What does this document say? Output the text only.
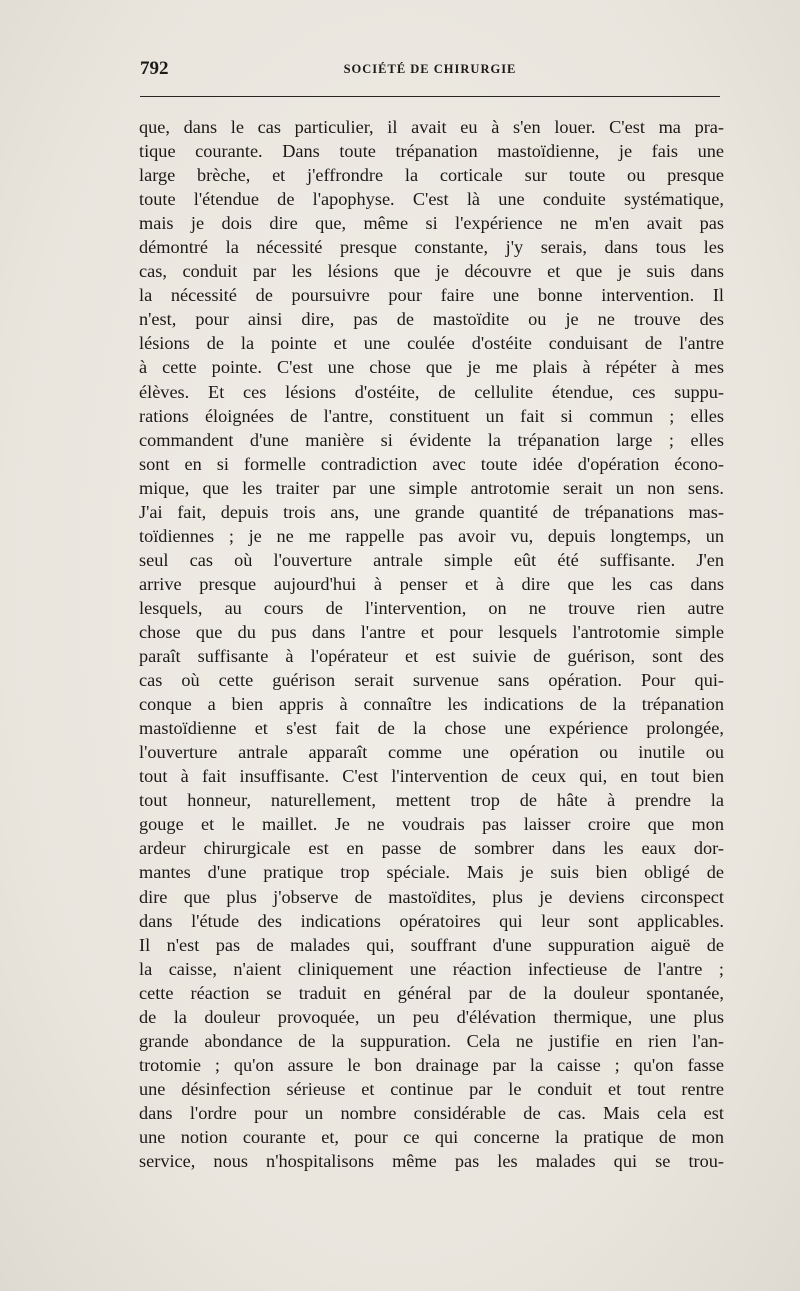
792	SOCIÉTÉ DE CHIRURGIE
que, dans le cas particulier, il avait eu à s'en louer. C'est ma pra-
tique courante. Dans toute trépanation mastoïdienne, je fais une
large brèche, et j'effrondre la corticale sur toute ou presque
toute l'étendue de l'apophyse. C'est là une conduite systématique,
mais je dois dire que, même si l'expérience ne m'en avait pas
démontré la nécessité presque constante, j'y serais, dans tous les
cas, conduit par les lésions que je découvre et que je suis dans
la nécessité de poursuivre pour faire une bonne intervention. Il
n'est, pour ainsi dire, pas de mastoïdite ou je ne trouve des
lésions de la pointe et une coulée d'ostéite conduisant de l'antre
à cette pointe. C'est une chose que je me plais à répéter à mes
élèves. Et ces lésions d'ostéite, de cellulite étendue, ces suppu-
rations éloignées de l'antre, constituent un fait si commun ; elles
commandent d'une manière si évidente la trépanation large ; elles
sont en si formelle contradiction avec toute idée d'opération écono-
mique, que les traiter par une simple antrotomie serait un non sens.
J'ai fait, depuis trois ans, une grande quantité de trépanations mas-
toïdiennes ; je ne me rappelle pas avoir vu, depuis longtemps, un
seul cas où l'ouverture antrale simple eût été suffisante. J'en
arrive presque aujourd'hui à penser et à dire que les cas dans
lesquels, au cours de l'intervention, on ne trouve rien autre
chose que du pus dans l'antre et pour lesquels l'antrotomie simple
paraît suffisante à l'opérateur et est suivie de guérison, sont des
cas où cette guérison serait survenue sans opération. Pour qui-
conque a bien appris à connaître les indications de la trépanation
mastoïdienne et s'est fait de la chose une expérience prolongée,
l'ouverture antrale apparaît comme une opération ou inutile ou
tout à fait insuffisante. C'est l'intervention de ceux qui, en tout bien
tout honneur, naturellement, mettent trop de hâte à prendre la
gouge et le maillet. Je ne voudrais pas laisser croire que mon
ardeur chirurgicale est en passe de sombrer dans les eaux dor-
mantes d'une pratique trop spéciale. Mais je suis bien obligé de
dire que plus j'observe de mastoïdites, plus je deviens circonspect
dans l'étude des indications opératoires qui leur sont applicables.
Il n'est pas de malades qui, souffrant d'une suppuration aiguë de
la caisse, n'aient cliniquement une réaction infectieuse de l'antre ;
cette réaction se traduit en général par de la douleur spontanée,
de la douleur provoquée, un peu d'élévation thermique, une plus
grande abondance de la suppuration. Cela ne justifie en rien l'an-
trotomie ; qu'on assure le bon drainage par la caisse ; qu'on fasse
une désinfection sérieuse et continue par le conduit et tout rentre
dans l'ordre pour un nombre considérable de cas. Mais cela est
une notion courante et, pour ce qui concerne la pratique de mon
service, nous n'hospitalisons même pas les malades qui se trou-
